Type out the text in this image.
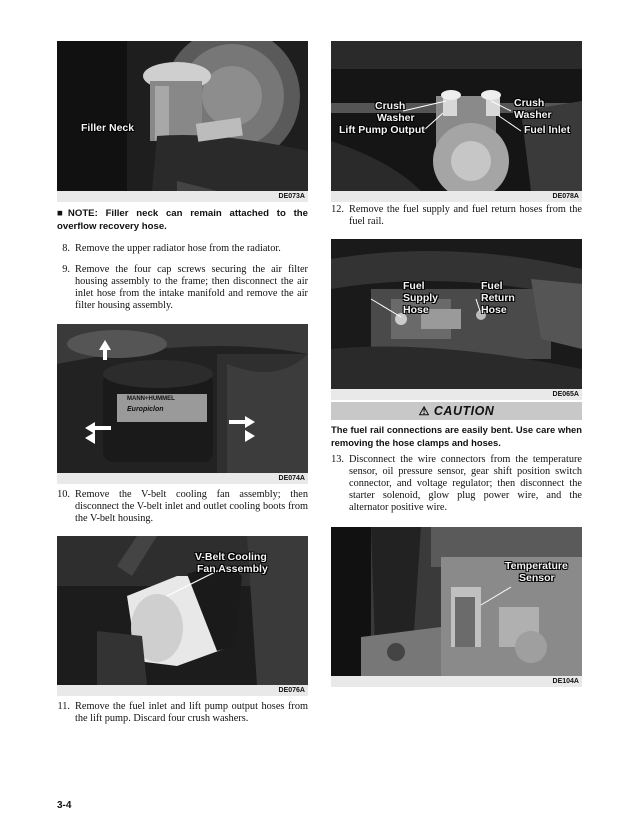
Filler Neck
DE073A
■NOTE: Filler neck can remain attached to the overflow recovery hose.
8. Remove the upper radiator hose from the radiator.
9. Remove the four cap screws securing the air filter housing assembly to the frame; then disconnect the air inlet hose from the intake manifold and remove the air filter housing assembly.
MANN+HUMMEL
Europiclon
DE074A
10. Remove the V-belt cooling fan assembly; then disconnect the V-belt inlet and outlet cooling boots from the V-belt housing.
V-Belt Cooling
Fan Assembly
DE076A
11. Remove the fuel inlet and lift pump output hoses from the lift pump. Discard four crush washers.
Crush
Washer
Lift Pump Output
Crush
Washer
Fuel Inlet
DE078A
12. Remove the fuel supply and fuel return hoses from the fuel rail.
Fuel
Supply
Hose
Fuel
Return
Hose
DE065A
⚠ CAUTION
The fuel rail connections are easily bent. Use care when removing the hose clamps and hoses.
13. Disconnect the wire connectors from the temperature sensor, oil pressure sensor, gear shift position switch connector, and voltage regulator; then disconnect the starter solenoid, glow plug power wire, and the alternator positive wire.
Temperature
Sensor
DE104A
3-4
